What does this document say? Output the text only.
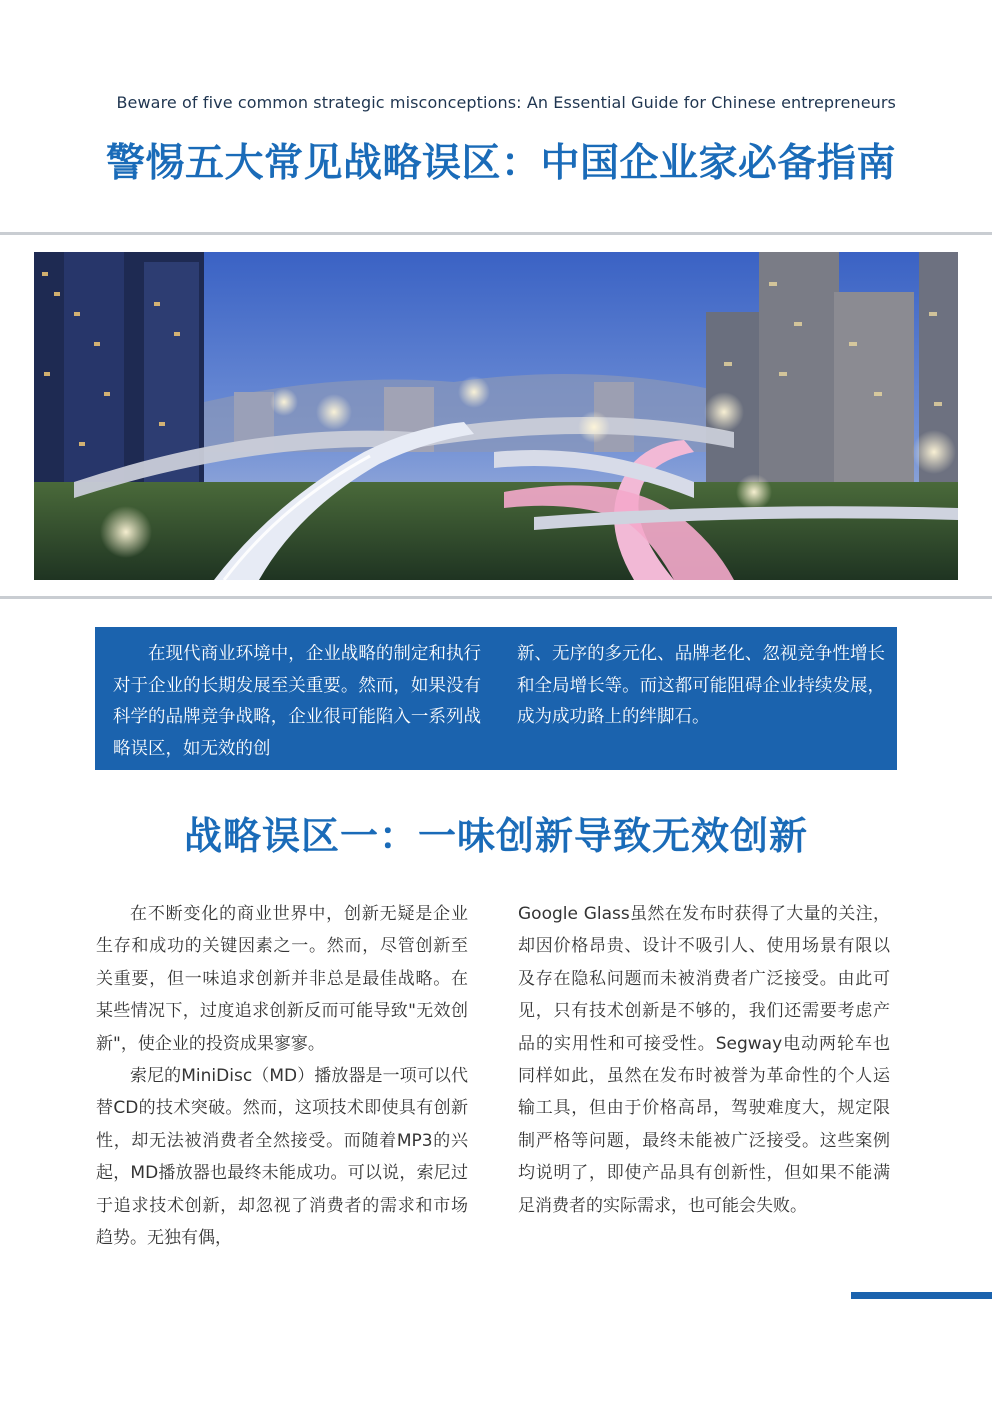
Beware of five common strategic misconceptions: An Essential Guide for Chinese entrepreneurs
警惕五大常见战略误区：中国企业家必备指南
在现代商业环境中，企业战略的制定和执行对于企业的长期发展至关重要。然而，如果没有科学的品牌竞争战略，企业很可能陷入一系列战略误区，如无效的创
新、无序的多元化、品牌老化、忽视竞争性增长和全局增长等。而这都可能阻碍企业持续发展，成为成功路上的绊脚石。
战略误区一：一味创新导致无效创新

在不断变化的商业世界中，创新无疑是企业生存和成功的关键因素之一。然而，尽管创新至关重要，但一味追求创新并非总是最佳战略。在某些情况下，过度追求创新反而可能导致"无效创新"，使企业的投资成果寥寥。

索尼的MiniDisc（MD）播放器是一项可以代替CD的技术突破。然而，这项技术即使具有创新性，却无法被消费者全然接受。而随着MP3的兴起，MD播放器也最终未能成功。可以说，索尼过于追求技术创新，却忽视了消费者的需求和市场趋势。无独有偶，

Google Glass虽然在发布时获得了大量的关注，却因价格昂贵、设计不吸引人、使用场景有限以及存在隐私问题而未被消费者广泛接受。由此可见，只有技术创新是不够的，我们还需要考虑产品的实用性和可接受性。Segway电动两轮车也同样如此，虽然在发布时被誉为革命性的个人运输工具，但由于价格高昂，驾驶难度大，规定限制严格等问题，最终未能被广泛接受。这些案例均说明了，即使产品具有创新性，但如果不能满足消费者的实际需求，也可能会失败。
